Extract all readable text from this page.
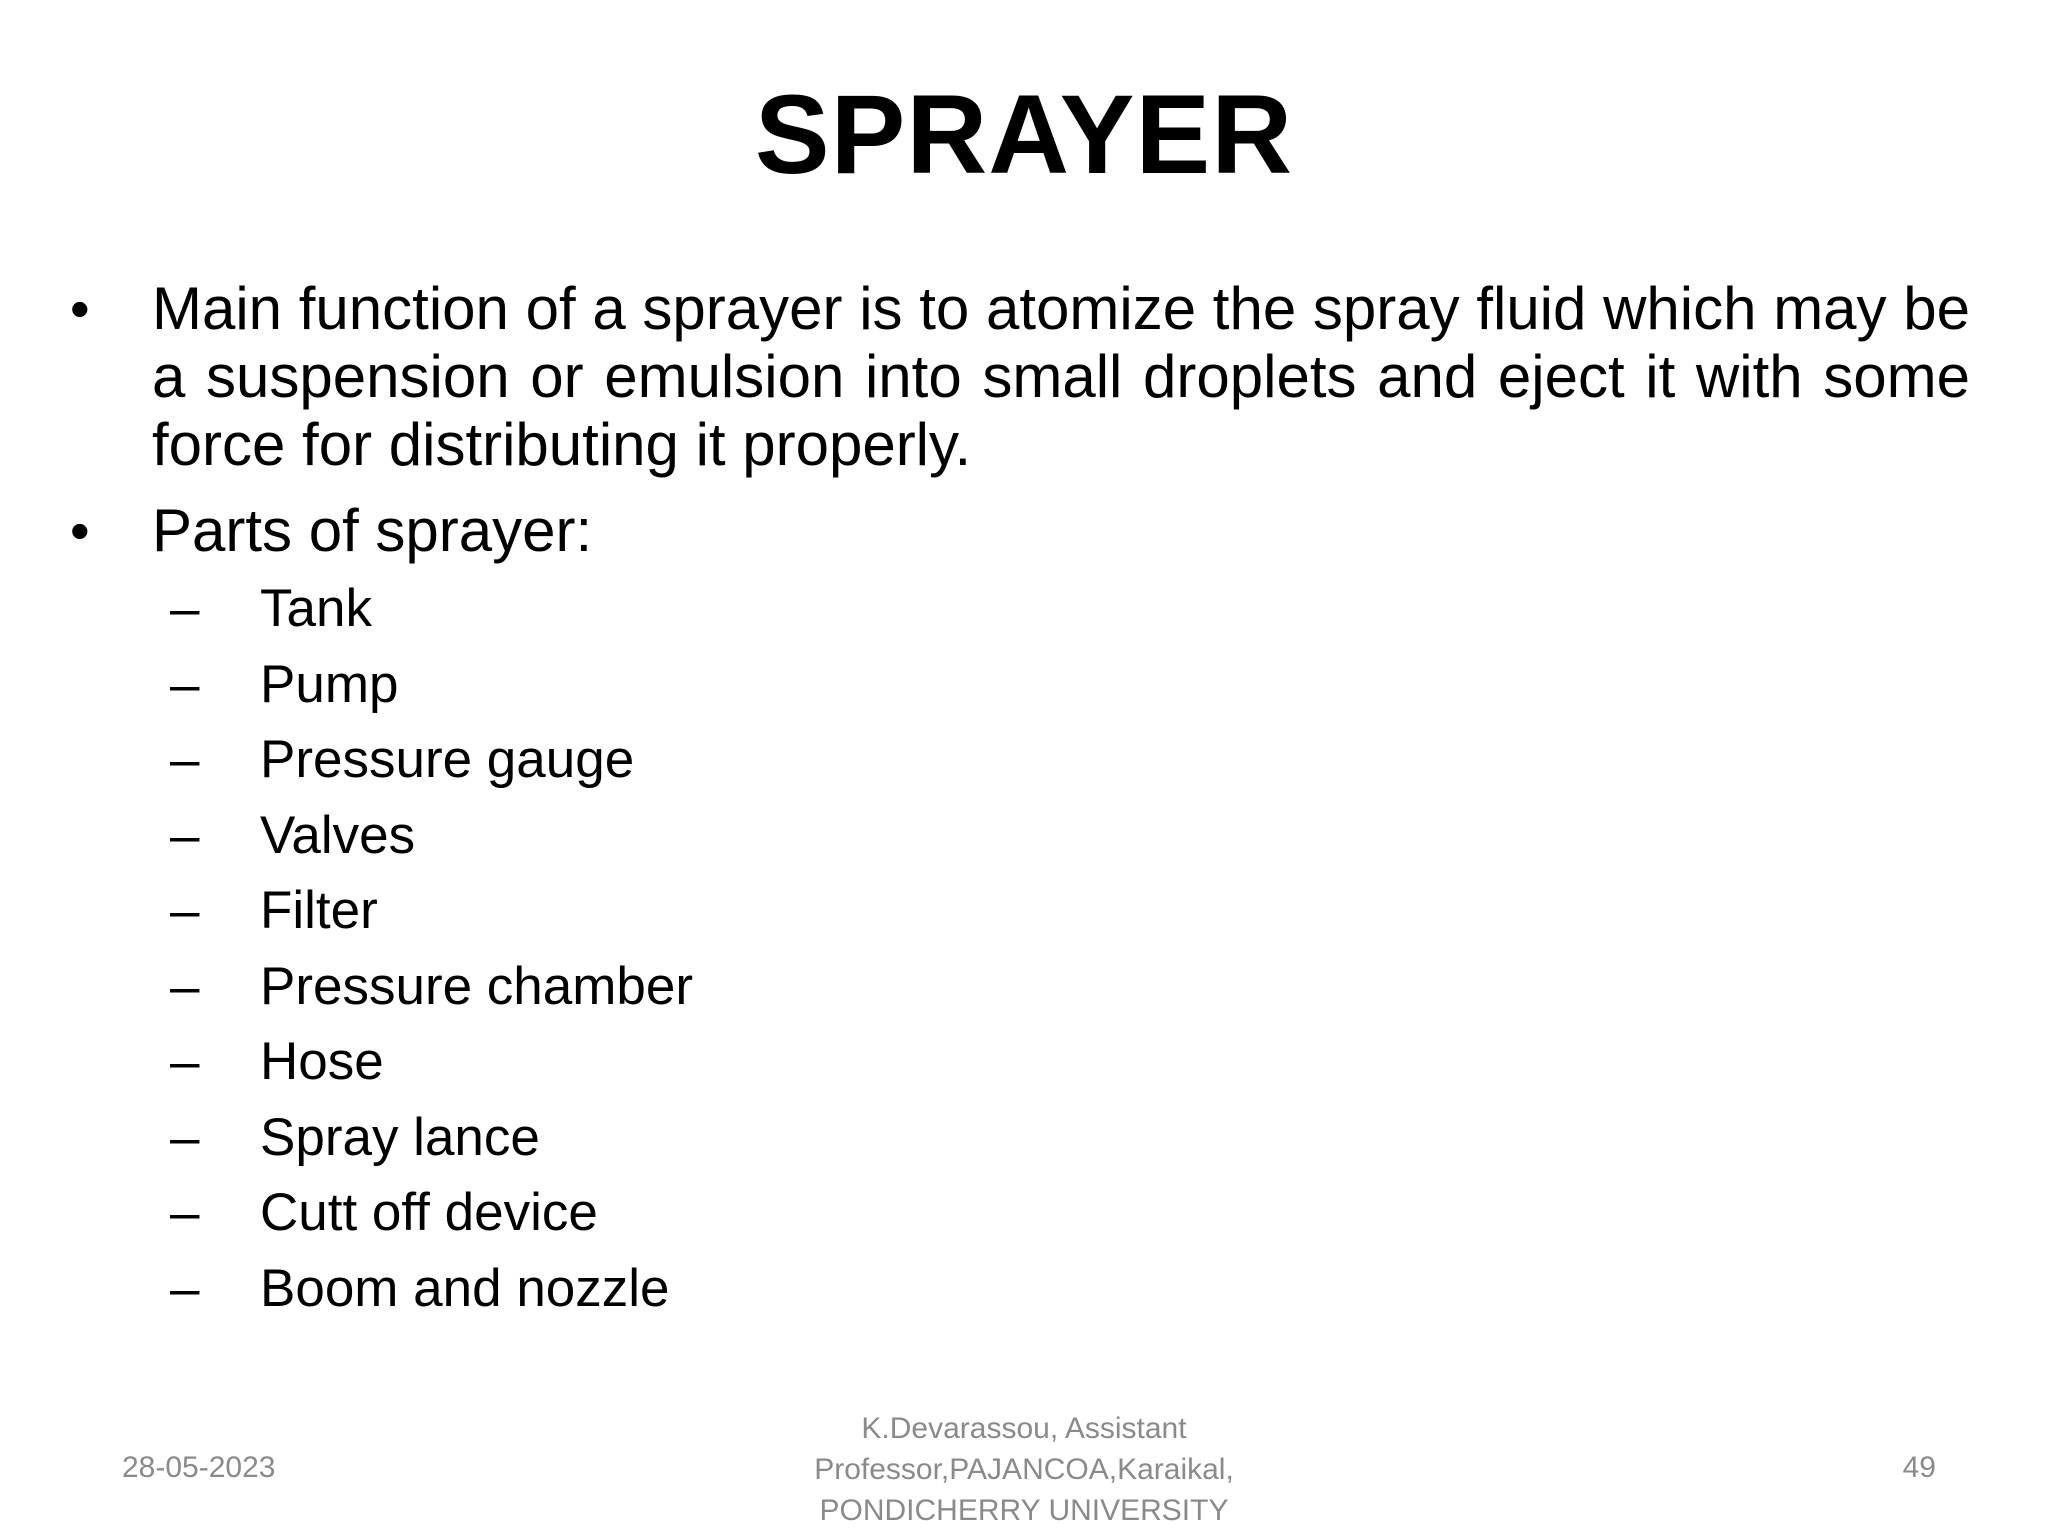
SPRAYER
•	Main function of a sprayer is to atomize the spray fluid which may be a suspension or emulsion into small droplets and eject it with some force for distributing it properly.
•	Parts of sprayer:
– Tank
– Pump
– Pressure gauge
– Valves
– Filter
– Pressure chamber
– Hose
– Spray lance
– Cutt off device
– Boom and nozzle
28-05-2023
K.Devarassou, Assistant
Professor,PAJANCOA,Karaikal,
PONDICHERRY UNIVERSITY
49
